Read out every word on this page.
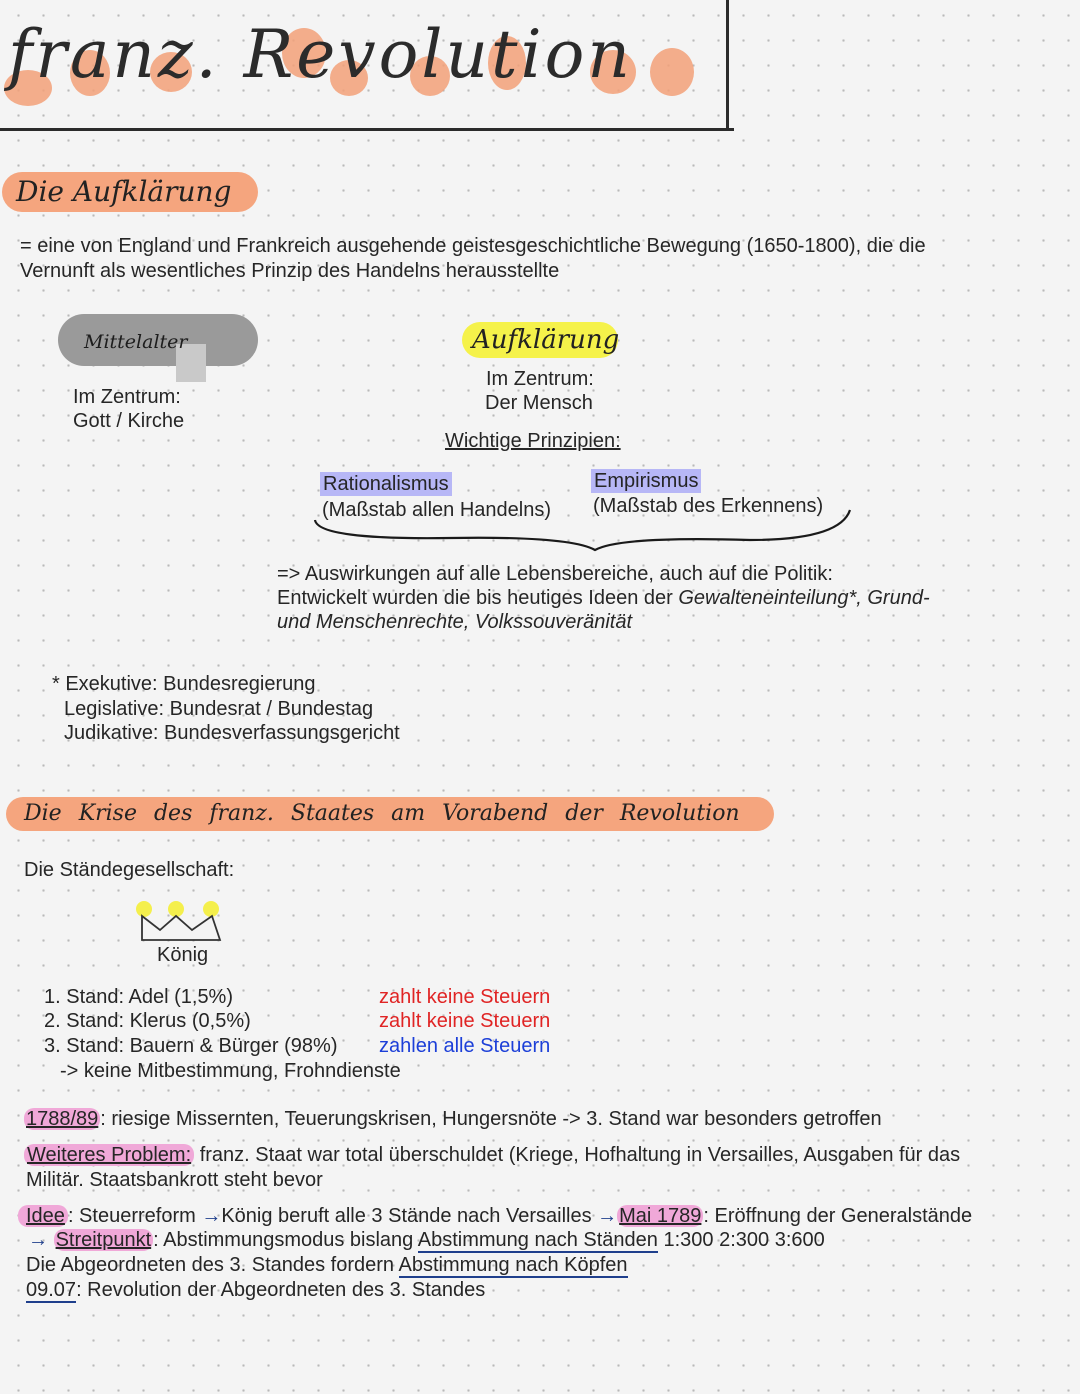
franz. Revolution
Die Aufklärung
= eine von England und Frankreich ausgehende geistesgeschichtliche Bewegung (1650-1800), die die
Vernunft als wesentliches Prinzip des Handelns herausstellte
Mittelalter
Im Zentrum:
Gott / Kirche
Aufklärung
Im Zentrum:
Der Mensch
Wichtige Prinzipien:
Rationalismus
(Maßstab allen Handelns)
Empirismus
(Maßstab des Erkennens)
=> Auswirkungen auf alle Lebensbereiche, auch auf die Politik:
Entwickelt wurden die bis heutiges Ideen der Gewalteneinteilung*, Grund-
und Menschenrechte, Volkssouveränität
* Exekutive: Bundesregierung
Legislative: Bundesrat / Bundestag
Judikative: Bundesverfassungsgericht
Die Krise des franz. Staates am Vorabend der Revolution
Die Ständegesellschaft:
König
1. Stand: Adel (1,5%)	zahlt keine Steuern
2. Stand: Klerus (0,5%)	zahlt keine Steuern
3. Stand: Bauern & Bürger (98%) zahlen alle Steuern
-> keine Mitbestimmung, Frohndienste
1788/89 : riesige Missernten, Teuerungskrisen, Hungersnöte -> 3. Stand war besonders getroffen
Weiteres Problem: franz. Staat war total überschuldet (Kriege, Hofhaltung in Versailles, Ausgaben für das
Militär. Staatsbankrott steht bevor
Idee : Steuerreform →König beruft alle 3 Stände nach Versailles → Mai 1789 : Eröffnung der Generalstände
→ Streitpunkt : Abstimmungsmodus bislang Abstimmung nach Ständen 1:300 2:300 3:600
Die Abgeordneten des 3. Standes fordern Abstimmung nach Köpfen
09.07: Revolution der Abgeordneten des 3. Standes
